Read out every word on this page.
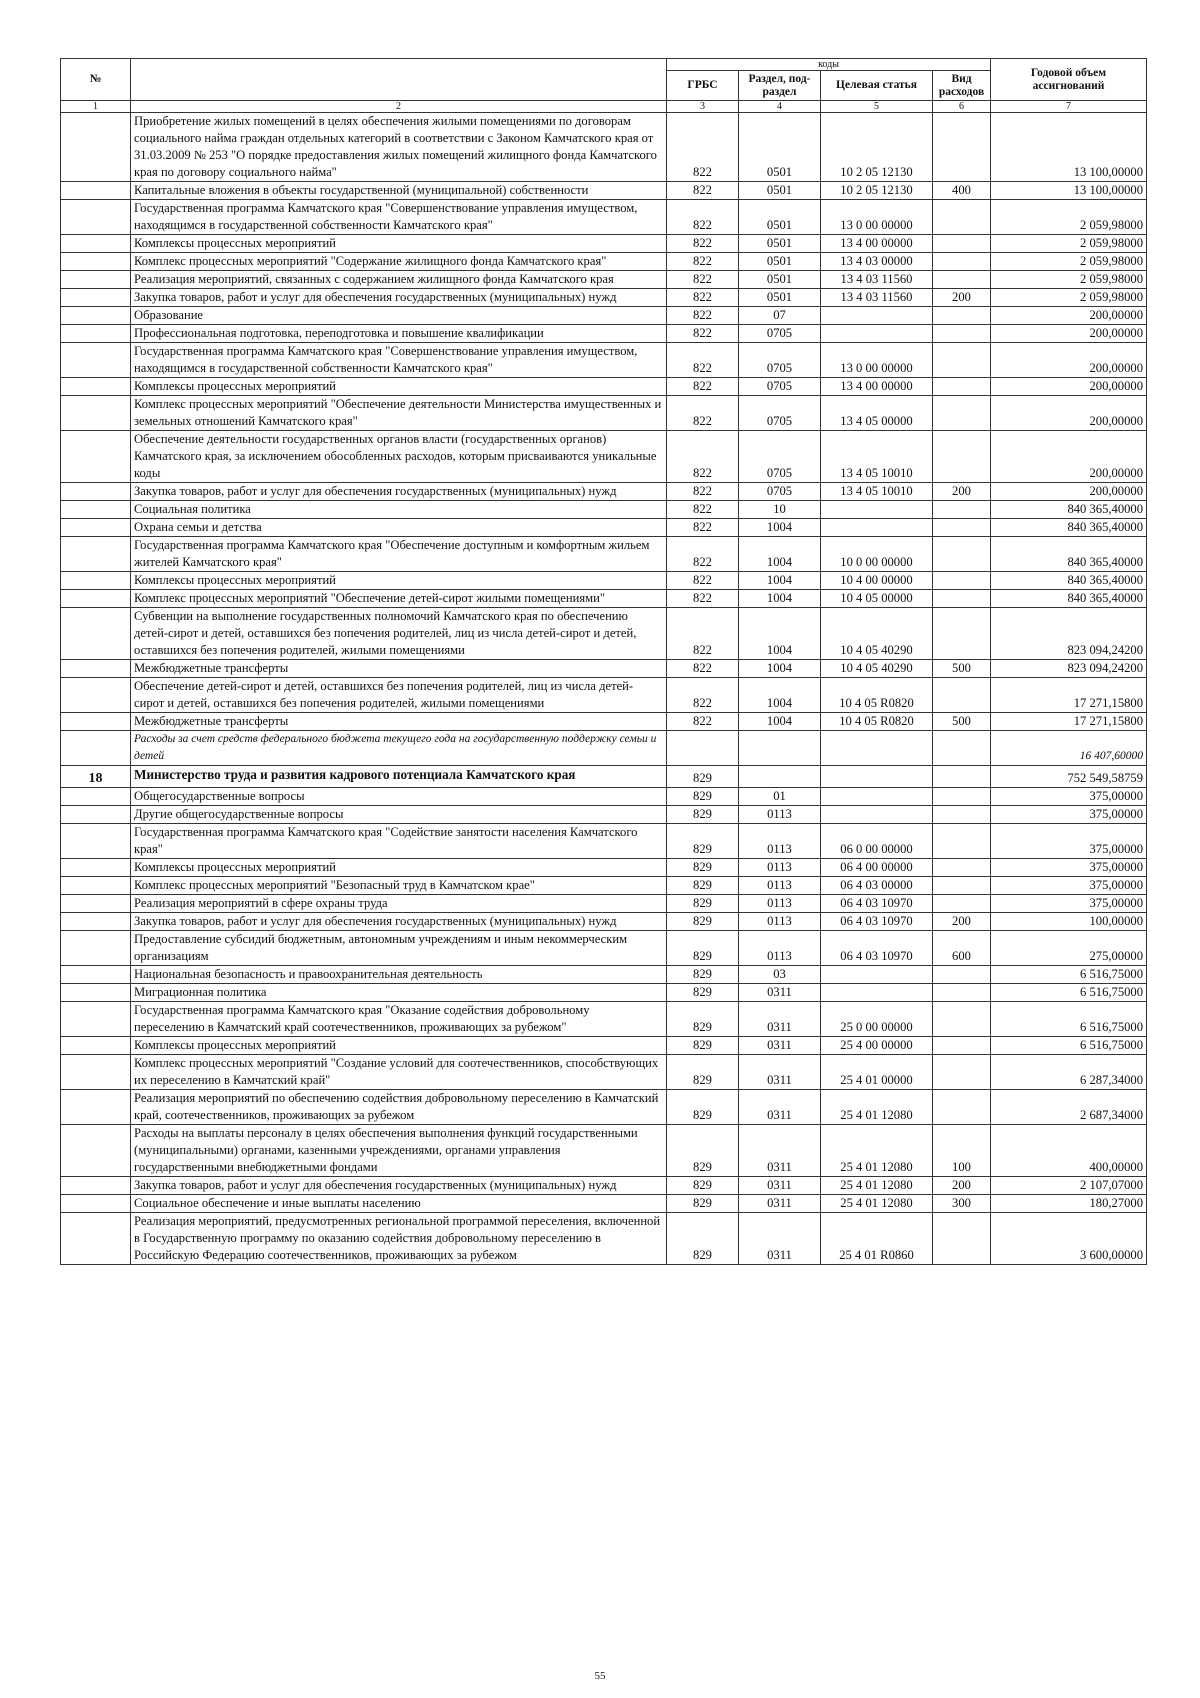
№		коды				Годовой объем ассигнований
		ГРБС	Раздел, под-раздел	Целевая статья	Вид расходов	
1	2	3	4	5	6	7
	Приобретение жилых помещений в целях обеспечения жилыми помещениями по договорам социального найма граждан отдельных категорий в соответствии с Законом Камчатского края от 31.03.2009 № 253 "О порядке предоставления жилых помещений жилищного фонда Камчатского края по договору социального найма"	822	0501	10 2 05 12130		13 100,00000
	Капитальные вложения в объекты государственной (муниципальной) собственности	822	0501	10 2 05 12130	400	13 100,00000
	Государственная программа Камчатского края "Совершенствование управления имуществом, находящимся в государственной собственности Камчатского края"	822	0501	13 0 00 00000		2 059,98000
	Комплексы процессных мероприятий	822	0501	13 4 00 00000		2 059,98000
	Комплекс процессных мероприятий "Содержание жилищного фонда Камчатского края"	822	0501	13 4 03 00000		2 059,98000
	Реализация мероприятий, связанных с содержанием жилищного фонда Камчатского края	822	0501	13 4 03 11560		2 059,98000
	Закупка товаров, работ и услуг для обеспечения государственных (муниципальных) нужд	822	0501	13 4 03 11560	200	2 059,98000
	Образование	822	07			200,00000
	Профессиональная подготовка, переподготовка и повышение квалификации	822	0705			200,00000
	Государственная программа Камчатского края "Совершенствование управления имуществом, находящимся в государственной собственности Камчатского края"	822	0705	13 0 00 00000		200,00000
	Комплексы процессных мероприятий	822	0705	13 4 00 00000		200,00000
	Комплекс процессных мероприятий "Обеспечение деятельности Министерства имущественных и земельных отношений Камчатского края"	822	0705	13 4 05 00000		200,00000
	Обеспечение деятельности государственных органов власти (государственных органов) Камчатского края, за исключением обособленных расходов, которым присваиваются уникальные коды	822	0705	13 4 05 10010		200,00000
	Закупка товаров, работ и услуг для обеспечения государственных (муниципальных) нужд	822	0705	13 4 05 10010	200	200,00000
	Социальная политика	822	10			840 365,40000
	Охрана семьи и детства	822	1004			840 365,40000
	Государственная программа Камчатского края "Обеспечение доступным и комфортным жильем жителей Камчатского края"	822	1004	10 0 00 00000		840 365,40000
	Комплексы процессных мероприятий	822	1004	10 4 00 00000		840 365,40000
	Комплекс процессных мероприятий "Обеспечение детей-сирот жилыми помещениями"	822	1004	10 4 05 00000		840 365,40000
	Субвенции на выполнение государственных полномочий Камчатского края по обеспечению детей-сирот и детей, оставшихся без попечения родителей, лиц из числа детей-сирот и детей, оставшихся без попечения родителей, жилыми помещениями	822	1004	10 4 05 40290		823 094,24200
	Межбюджетные трансферты	822	1004	10 4 05 40290	500	823 094,24200
	Обеспечение детей-сирот и детей, оставшихся без попечения родителей, лиц из числа детей-сирот и детей, оставшихся без попечения родителей, жилыми помещениями	822	1004	10 4 05 R0820		17 271,15800
	Межбюджетные трансферты	822	1004	10 4 05 R0820	500	17 271,15800
	Расходы за счет средств федерального бюджета текущего года на государственную поддержку семьи и детей					16 407,60000
18	Министерство труда и развития кадрового потенциала Камчатского края	829				752 549,58759
	Общегосударственные вопросы	829	01			375,00000
	Другие общегосударственные вопросы	829	0113			375,00000
	Государственная программа Камчатского края "Содействие занятости населения Камчатского края"	829	0113	06 0 00 00000		375,00000
	Комплексы процессных мероприятий	829	0113	06 4 00 00000		375,00000
	Комплекс процессных мероприятий "Безопасный труд в Камчатском крае"	829	0113	06 4 03 00000		375,00000
	Реализация мероприятий в сфере охраны труда	829	0113	06 4 03 10970		375,00000
	Закупка товаров, работ и услуг для обеспечения государственных (муниципальных) нужд	829	0113	06 4 03 10970	200	100,00000
	Предоставление субсидий бюджетным, автономным учреждениям и иным некоммерческим организациям	829	0113	06 4 03 10970	600	275,00000
	Национальная безопасность и правоохранительная деятельность	829	03			6 516,75000
	Миграционная политика	829	0311			6 516,75000
	Государственная программа Камчатского края "Оказание содействия добровольному переселению в Камчатский край соотечественников, проживающих за рубежом"	829	0311	25 0 00 00000		6 516,75000
	Комплексы процессных мероприятий	829	0311	25 4 00 00000		6 516,75000
	Комплекс процессных мероприятий "Создание условий для соотечественников, способствующих их переселению в Камчатский край"	829	0311	25 4 01 00000		6 287,34000
	Реализация мероприятий по обеспечению содействия добровольному переселению в Камчатский край, соотечественников, проживающих за рубежом	829	0311	25 4 01 12080		2 687,34000
	Расходы на выплаты персоналу в целях обеспечения выполнения функций государственными (муниципальными) органами, казенными учреждениями, органами управления государственными внебюджетными фондами	829	0311	25 4 01 12080	100	400,00000
	Закупка товаров, работ и услуг для обеспечения государственных (муниципальных) нужд	829	0311	25 4 01 12080	200	2 107,07000
	Социальное обеспечение и иные выплаты населению	829	0311	25 4 01 12080	300	180,27000
	Реализация мероприятий, предусмотренных региональной программой переселения, включенной в Государственную программу по оказанию содействия добровольному переселению в Российскую Федерацию соотечественников, проживающих за рубежом	829	0311	25 4 01 R0860		3 600,00000
55
